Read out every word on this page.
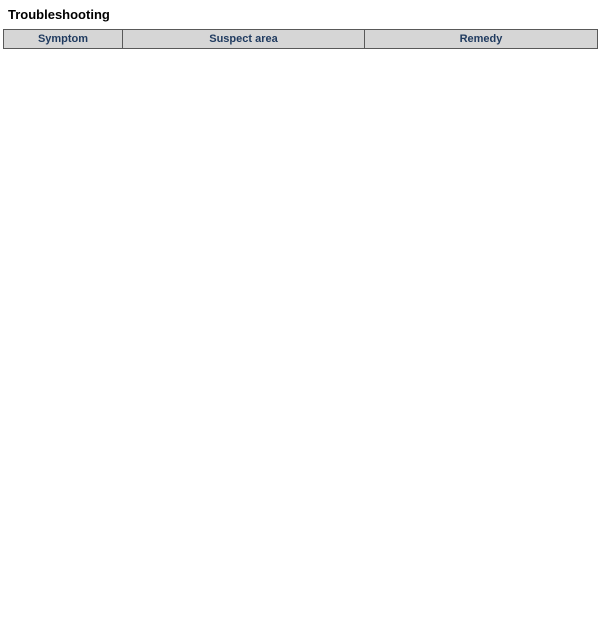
Troubleshooting
Symptom	Suspect area	Remedy
